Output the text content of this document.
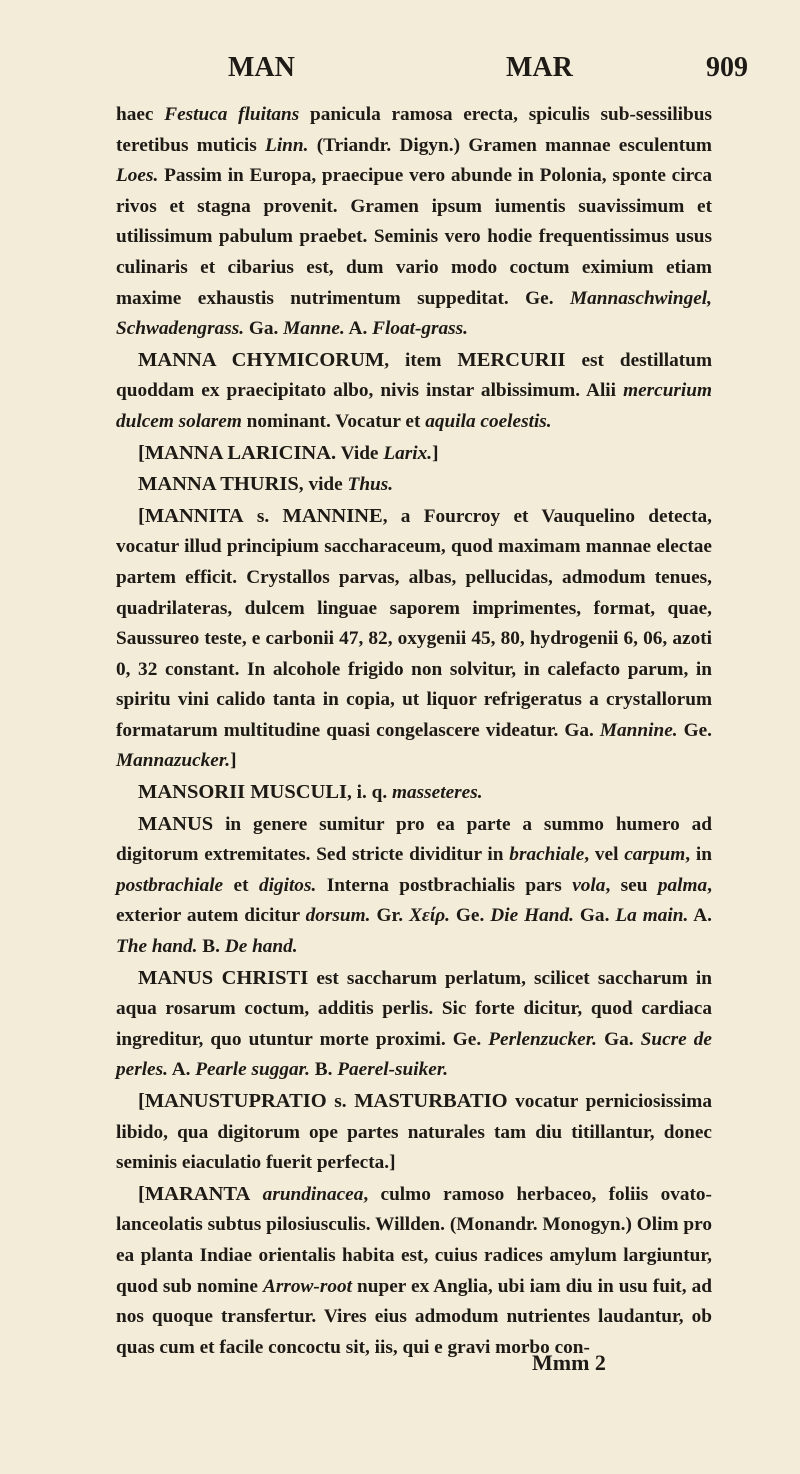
MAN	MAR	909

haec Festuca fluitans panicula ramosa erecta, spiculis sub-sessilibus teretibus muticis Linn. (Triandr. Digyn.) Gramen mannae esculentum Loes. Passim in Europa, praecipue vero abunde in Polonia, sponte circa rivos et stagna provenit. Gramen ipsum iumentis suavissimum et utilissimum pabulum praebet. Seminis vero hodie frequentissimus usus culinaris et cibarius est, dum vario modo coctum eximium etiam maxime exhaustis nutrimentum suppeditat. Ge. Mannaschwingel, Schwadengrass. Ga. Manne. A. Float-grass.

MANNA CHYMICORUM, item MERCURII est destillatum quoddam ex praecipitato albo, nivis instar albissimum. Alii mercurium dulcem solarem nominant. Vocatur et aquila coelestis.

[MANNA LARICINA. Vide Larix.]

MANNA THURIS, vide Thus.

[MANNITA s. MANNINE, a Fourcroy et Vauquelino detecta, vocatur illud principium saccharaceum, quod maximam mannae electae partem efficit. Crystallos parvas, albas, pellucidas, admodum tenues, quadrilateras, dulcem linguae saporem imprimentes, format, quae, Saussureo teste, e carbonii 47, 82, oxygenii 45, 80, hydrogenii 6, 06, azoti 0, 32 constant. In alcohole frigido non solvitur, in calefacto parum, in spiritu vini calido tanta in copia, ut liquor refrigeratus a crystallorum formatarum multitudine quasi congelascere videatur. Ga. Mannine. Ge. Mannazucker.]

MANSORII MUSCULI, i. q. masseteres.

MANUS in genere sumitur pro ea parte a summo humero ad digitorum extremitates. Sed stricte dividitur in brachiale, vel carpum, in postbrachiale et digitos. Interna postbrachialis pars vola, seu palma, exterior autem dicitur dorsum. Gr. Χείρ. Ge. Die Hand. Ga. La main. A. The hand. B. De hand.

MANUS CHRISTI est saccharum perlatum, scilicet saccharum in aqua rosarum coctum, additis perlis. Sic forte dicitur, quod cardiaca ingreditur, quo utuntur morte proximi. Ge. Perlenzucker. Ga. Sucre de perles. A. Pearle suggar. B. Paerel-suiker.

[MANUSTUPRATIO s. MASTURBATIO vocatur perniciosissima libido, qua digitorum ope partes naturales tam diu titillantur, donec seminis eiaculatio fuerit perfecta.]

[MARANTA arundinacea, culmo ramoso herbaceo, foliis ovato-lanceolatis subtus pilosiusculis. Willden. (Monandr. Monogyn.) Olim pro ea planta Indiae orientalis habita est, cuius radices amylum largiuntur, quod sub nomine Arrow-root nuper ex Anglia, ubi iam diu in usu fuit, ad nos quoque transfertur. Vires eius admodum nutrientes laudantur, ob quas cum et facile concoctu sit, iis, qui e gravi morbo con-

Mmm 2
